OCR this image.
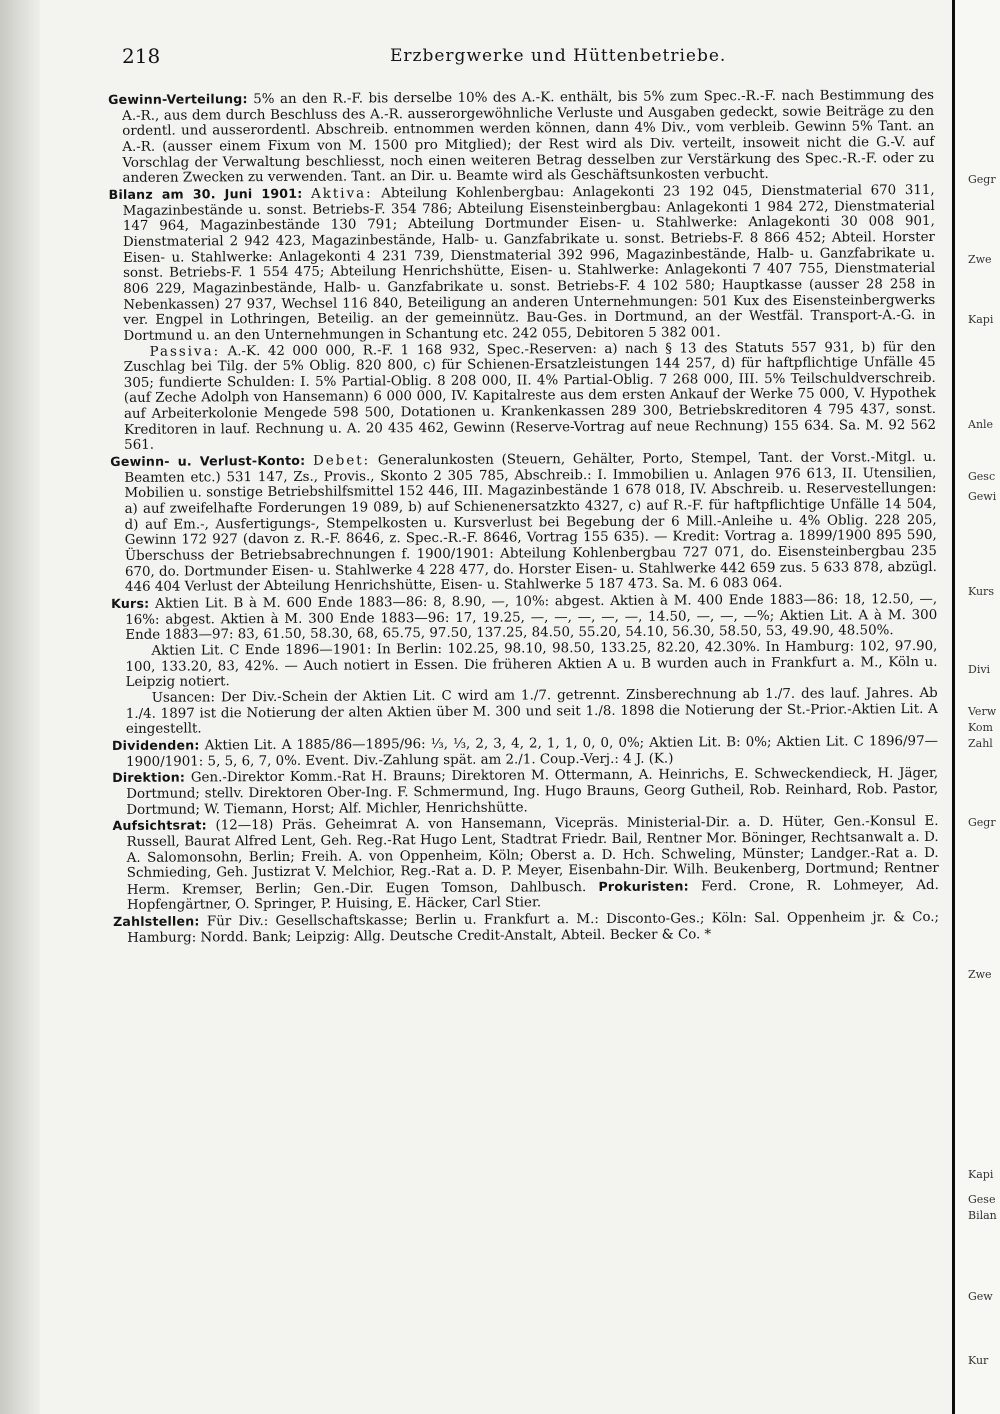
218	Erzbergwerke und Hüttenbetriebe.

Gewinn-Verteilung: 5% an den R.-F. bis derselbe 10% des A.-K. enthält, bis 5% zum Spec.-R.-F. nach Bestimmung des A.-R., aus dem durch Beschluss des A.-R. ausserorgewöhnliche Verluste und Ausgaben gedeckt, sowie Beiträge zu den ordentl. und ausserordentl. Abschreib. entnommen werden können, dann 4% Div., vom verbleib. Gewinn 5% Tant. an A.-R. (ausser einem Fixum von M. 1500 pro Mitglied); der Rest wird als Div. verteilt, insoweit nicht die G.-V. auf Vorschlag der Verwaltung beschliesst, noch einen weiteren Betrag desselben zur Verstärkung des Spec.-R.-F. oder zu anderen Zwecken zu verwenden. Tant. an Dir. u. Beamte wird als Geschäftsunkosten verbucht.

Bilanz am 30. Juni 1901: Aktiva: Abteilung Kohlenbergbau: Anlagekonti 23 192 045, Dienstmaterial 670 311, Magazinbestände u. sonst. Betriebs-F. 354 786; Abteilung Eisensteinbergbau: Anlagekonti 1 984 272, Dienstmaterial 147 964, Magazinbestände 130 791; Abteilung Dortmunder Eisen- u. Stahlwerke: Anlagekonti 30 008 901, Dienstmaterial 2 942 423, Magazinbestände, Halb- u. Ganzfabrikate u. sonst. Betriebs-F. 8 866 452; Abteil. Horster Eisen- u. Stahlwerke: Anlagekonti 4 231 739, Dienstmaterial 392 996, Magazinbestände, Halb- u. Ganzfabrikate u. sonst. Betriebs-F. 1 554 475; Abteilung Henrichshütte, Eisen- u. Stahlwerke: Anlagekonti 7 407 755, Dienstmaterial 806 229, Magazinbestände, Halb- u. Ganzfabrikate u. sonst. Betriebs-F. 4 102 580; Hauptkasse (ausser 28 258 in Nebenkassen) 27 937, Wechsel 116 840, Beteiligung an anderen Unternehmungen: 501 Kux des Eisensteinbergwerks ver. Engpel in Lothringen, Beteilig. an der gemeinnütz. Bau-Ges. in Dortmund, an der Westfäl. Transport-A.-G. in Dortmund u. an den Unternehmungen in Schantung etc. 242 055, Debitoren 5 382 001.

Passiva: A.-K. 42 000 000, R.-F. 1 168 932, Spec.-Reserven: a) nach § 13 des Statuts 557 931, b) für den Zuschlag bei Tilg. der 5% Oblig. 820 800, c) für Schienen-Ersatzleistungen 144 257, d) für haftpflichtige Unfälle 45 305; fundierte Schulden: I. 5% Partial-Oblig. 8 208 000, II. 4% Partial-Oblig. 7 268 000, III. 5% Teilschuldverschreib. (auf Zeche Adolph von Hansemann) 6 000 000, IV. Kapitalreste aus dem ersten Ankauf der Werke 75 000, V. Hypothek auf Arbeiterkolonie Mengede 598 500, Dotationen u. Krankenkassen 289 300, Betriebskreditoren 4 795 437, sonst. Kreditoren in lauf. Rechnung u. A. 20 435 462, Gewinn (Reserve-Vortrag auf neue Rechnung) 155 634. Sa. M. 92 562 561.

Gewinn- u. Verlust-Konto: Debet: Generalunkosten (Steuern, Gehälter, Porto, Stempel, Tant. der Vorst.-Mitgl. u. Beamten etc.) 531 147, Zs., Provis., Skonto 2 305 785, Abschreib.: I. Immobilien u. Anlagen 976 613, II. Utensilien, Mobilien u. sonstige Betriebshilfsmittel 152 446, III. Magazinbestände 1 678 018, IV. Abschreib. u. Reservestellungen: a) auf zweifelhafte Forderungen 19 089, b) auf Schienenersatzkto 4327, c) auf R.-F. für haftpflichtige Unfälle 14 504, d) auf Em.-, Ausfertigungs-, Stempelkosten u. Kursverlust bei Begebung der 6 Mill.-Anleihe u. 4% Oblig. 228 205, Gewinn 172 927 (davon z. R.-F. 8646, z. Spec.-R.-F. 8646, Vortrag 155 635). — Kredit: Vortrag a. 1899/1900 895 590, Überschuss der Betriebsabrechnungen f. 1900/1901: Abteilung Kohlenbergbau 727 071, do. Eisensteinbergbau 235 670, do. Dortmunder Eisen- u. Stahlwerke 4 228 477, do. Horster Eisen- u. Stahlwerke 442 659 zus. 5 633 878, abzügl. 446 404 Verlust der Abteilung Henrichshütte, Eisen- u. Stahlwerke 5 187 473. Sa. M. 6 083 064.

Kurs: Aktien Lit. B à M. 600 Ende 1883—86: 8, 8.90, —, 10%: abgest. Aktien à M. 400 Ende 1883—86: 18, 12.50, —, 16%: abgest. Aktien à M. 300 Ende 1883—96: 17, 19.25, —, —, —, —, —, 14.50, —, —, —%; Aktien Lit. A à M. 300 Ende 1883—97: 83, 61.50, 58.30, 68, 65.75, 97.50, 137.25, 84.50, 55.20, 54.10, 56.30, 58.50, 53, 49.90, 48.50%.

Aktien Lit. C Ende 1896—1901: In Berlin: 102.25, 98.10, 98.50, 133.25, 82.20, 42.30%. In Hamburg: 102, 97.90, 100, 133.20, 83, 42%. — Auch notiert in Essen. Die früheren Aktien A u. B wurden auch in Frankfurt a. M., Köln u. Leipzig notiert.

Usancen: Der Div.-Schein der Aktien Lit. C wird am 1./7. getrennt. Zinsberechnung ab 1./7. des lauf. Jahres. Ab 1./4. 1897 ist die Notierung der alten Aktien über M. 300 und seit 1./8. 1898 die Notierung der St.-Prior.-Aktien Lit. A eingestellt.

Dividenden: Aktien Lit. A 1885/86—1895/96: ⅓, ⅓, 2, 3, 4, 2, 1, 1, 0, 0, 0%; Aktien Lit. B: 0%; Aktien Lit. C 1896/97—1900/1901: 5, 5, 6, 7, 0%. Event. Div.-Zahlung spät. am 2./1. Coup.-Verj.: 4 J. (K.)

Direktion: Gen.-Direktor Komm.-Rat H. Brauns; Direktoren M. Ottermann, A. Heinrichs, E. Schweckendieck, H. Jäger, Dortmund; stellv. Direktoren Ober-Ing. F. Schmermund, Ing. Hugo Brauns, Georg Gutheil, Rob. Reinhard, Rob. Pastor, Dortmund; W. Tiemann, Horst; Alf. Michler, Henrichshütte.

Aufsichtsrat: (12—18) Präs. Geheimrat A. von Hansemann, Vicepräs. Ministerial-Dir. a. D. Hüter, Gen.-Konsul E. Russell, Baurat Alfred Lent, Geh. Reg.-Rat Hugo Lent, Stadtrat Friedr. Bail, Rentner Mor. Böninger, Rechtsanwalt a. D. A. Salomonsohn, Berlin; Freih. A. von Oppenheim, Köln; Oberst a. D. Hch. Schweling, Münster; Landger.-Rat a. D. Schmieding, Geh. Justizrat V. Melchior, Reg.-Rat a. D. P. Meyer, Eisenbahn-Dir. Wilh. Beukenberg, Dortmund; Rentner Herm. Kremser, Berlin; Gen.-Dir. Eugen Tomson, Dahlbusch. Prokuristen: Ferd. Crone, R. Lohmeyer, Ad. Hopfengärtner, O. Springer, P. Huising, E. Häcker, Carl Stier.

Zahlstellen: Für Div.: Gesellschaftskasse; Berlin u. Frankfurt a. M.: Disconto-Ges.; Köln: Sal. Oppenheim jr. & Co.; Hamburg: Nordd. Bank; Leipzig: Allg. Deutsche Credit-Anstalt, Abteil. Becker & Co. *

Gegr
Zwe
Kapi
Anle
Gesc
Gewi
Kurs
Divi
Verw
Kom
Zahl
Gegr
Zwe
Kapi
Gese
Bilan
Gew
Kur
